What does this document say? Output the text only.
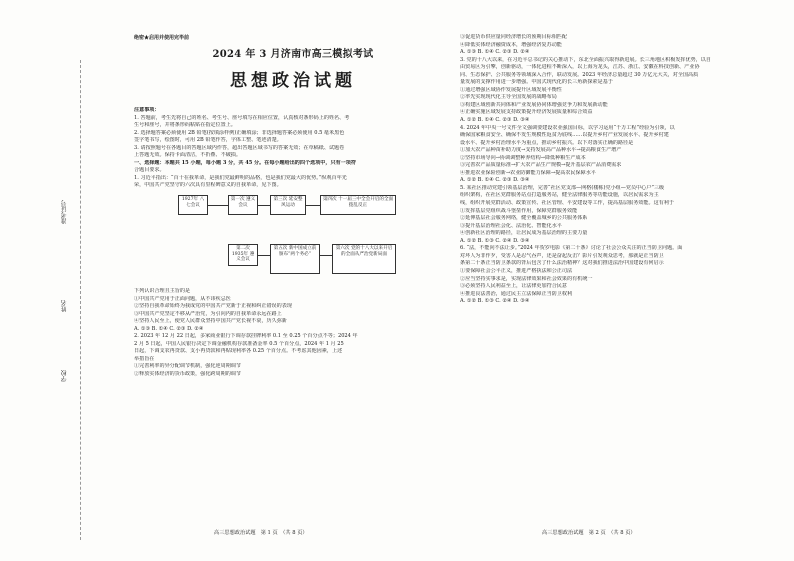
准考证号
姓名
学校
绝密★启用并使用完毕前
2024 年 3 月济南市高三模拟考试
思想政治试题
注意事项：
1. 答题前，考生先将自己的姓名、考生号、座号填写在相应位置，认真核对条形码上的姓名、考
生号和座号，并将条形码粘贴在指定位置上。
2. 选择题答案必须使用 2B 铅笔(按填涂样例)正确填涂；非选择题答案必须使用 0.5 毫米黑色
签字笔书写，绘图时，可用 2B 铅笔作答，字体工整、笔迹清楚。
3. 请按照题号在各题目的答题区域内作答，超出答题区域书写的答案无效；在草稿纸、试题卷
上答题无效。保持卡面清洁，不折叠、不破损。
一、选择题：本题共 15 小题，每小题 3 分，共 45 分。在每小题给出的四个选项中，只有一项符
合题目要求。
1. 习近平指出：“百十在我革命，是我们党最鲜明的品格，也是我们党最大的优势。”纵观百年光
荣，中国共产党坚守的六次具有里程碑意义的自我革命，见下图。
1927年 八七会议
第一次 遵义会议
第三次 延安整风运动
第四次 十一届三中全会开启的全面拨乱反正
第二次 1935年 遵义会议
第五次 新中国成立前颁布“两个务必”
第六次 党的十八大以来开启的全面从严治党新局面
下列认识合理且主旨的是
①中国共产党用于正面问题，从不讳疾忌医
②坚持自我革命始终为我成党的中国共产党新于正视和纠正错误的表现
③中国共产党坚定不移从严治党，为引向内的自我革命永远在路上
④坚持人民至上，使党人民群众坚持中国共产党长视不衰，历久弥新
A. ①③ B. ①④ C. ②③ D. ②④
2. 2023 年 12 月 22 日起，多家商业银行下调存款挂牌利率 0.1 至 0.25 个百分点不等；2024 年
2 月 5 日起，中国人民银行决定下调金融机构存款准备金率 0.5 个百分点，2024 年 1 月 25
日起，下调支农再贷款、支小再贷款和再贴现利率各 0.25 个百分点。不考虑其他因素，上述
举措旨在
①完善利率的异分配调节机制，强化逆周期调节
②释放实体经济的货币政策，强化跨周期的调节
③促进货币供应量同经济增长的预期目标相匹配
④降低实体经济融资成本，增强经济复苏动能
A. ①③ B. ①④ C. ②③ D. ②④
3. 党的十八大以来，在习近平总书记的关心推动下，东北全面振兴取得新进展。长三角地区积极发挥优势，以自
由贸易区为引擎，创新驱动，一体化进程不断深入，以上海为龙头，江苏、浙江、安徽在科技创新、产业协
同、生态保护、公共服务等领域深入合作，联动发展。2023 年经济总量超过 30 万亿元大关，对全国高质
量发展的支撑作用进一步增强。中国式现代化的长三角新探索是基于
①通过增强区域协作发展提升区域发展平衡性
②率先实现现代化主导全国发展的战略布局
③构建区域创新共同体和产业发展协同体增强竞争力和发展新动能
④正确实施区域发展支持政策提升经济发展质量和综合效益
A. ①② B. ①④ C. ②③ D. ③④
4. 2024 年中央一号文件全文强调要建设农业强国目标，以学习运用“千万工程”经验为引领，以
确保国家粮食安全、确保不发生规模性返贫为底线……以提升乡村产业发展水平、提升乡村建
设水平、提升乡村治理水平为重点，推动乡村振兴。以下对落实正确的路径是
①加大农产品种苗补助力度→支持发展高产品种水平→提高粮食生产增产
②坚持市场导向→协调调整种养结构→降低种粮生产成本
③完善农产品质量标准→扩大农产品生产规模→提升基层农产品消费需求
④推进农业保险创新→农业防御能力保障→提高农民保障水平
A. ①② B. ①④ C. ②③ D. ③④
5. 某社区推动党建引领基层治理，完善“社区党支部—网格(楼栋)党小组—党员中心户”三级
组织架构，在社区党群服务站点打造服务站，健全法律服务等功能设施，以居民需求为主
线，组织开展党群活动、政策宣传、社区管理、平安建设等工作，提高基层服务效能。这有利于
①发挥基层党组织战斗堡垒作用，保障党群服务效能
②延伸基层社会服务网络，健全覆盖城乡的公共服务体系
③提升基层治理社会化、法治化、智能化水平
④创新社区治理的路径，让居民成为基层治理的主要力量
A. ①② B. ①③ C. ②④ D. ③④
6. “法，不能向不法让步。”2024 年贺岁电影《第二十条》讨论了社会公众关注的正当防卫问题。面
对坏人为非作歹，受害人是忍气吞声，还是奋起反击？影片引发观众思考，那就是正当防卫
条第二十条正当防卫条款的背后包含了什么法治精神？这对我们推进法治中国建设有何启示
①要保障社会公平正义，推进严格执法和公正司法
②应当坚持实事求是，实现法律效果和社会效果的有机统一
③必须坚持人民利益至上，让法律更加符合民意
④推进良法善治，通过民主立法保障正当防卫权利
A. ①② B. ①③ C. ②④ D. ③④
高三思想政治试题　第 1 页　（共 8 页）	高三思想政治试题　第 2 页　（共 8 页）
